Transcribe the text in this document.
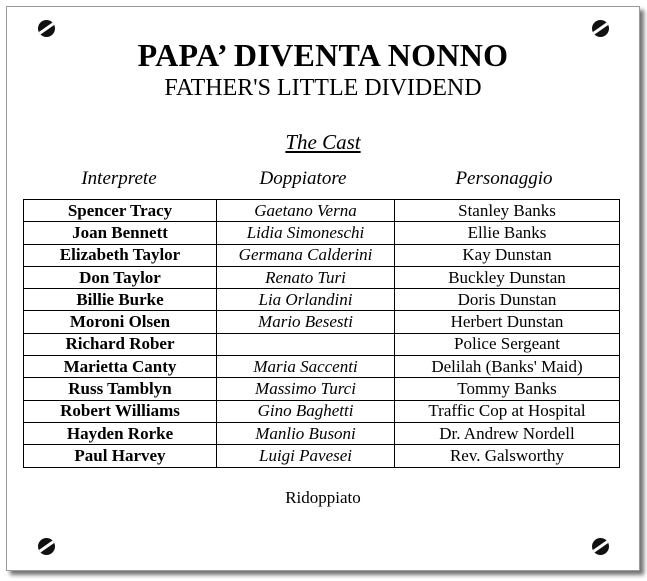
PAPA’ DIVENTA NONNO
FATHER'S LITTLE DIVIDEND
The Cast
Interprete	Doppiatore	Personaggio
Spencer Tracy	Gaetano Verna	Stanley Banks
Joan Bennett	Lidia Simoneschi	Ellie Banks
Elizabeth Taylor	Germana Calderini	Kay Dunstan
Don Taylor	Renato Turi	Buckley Dunstan
Billie Burke	Lia Orlandini	Doris Dunstan
Moroni Olsen	Mario Besesti	Herbert Dunstan
Richard Rober		Police Sergeant
Marietta Canty	Maria Saccenti	Delilah (Banks' Maid)
Russ Tamblyn	Massimo Turci	Tommy Banks
Robert Williams	Gino Baghetti	Traffic Cop at Hospital
Hayden Rorke	Manlio Busoni	Dr. Andrew Nordell
Paul Harvey	Luigi Pavesei	Rev. Galsworthy
Ridoppiato
